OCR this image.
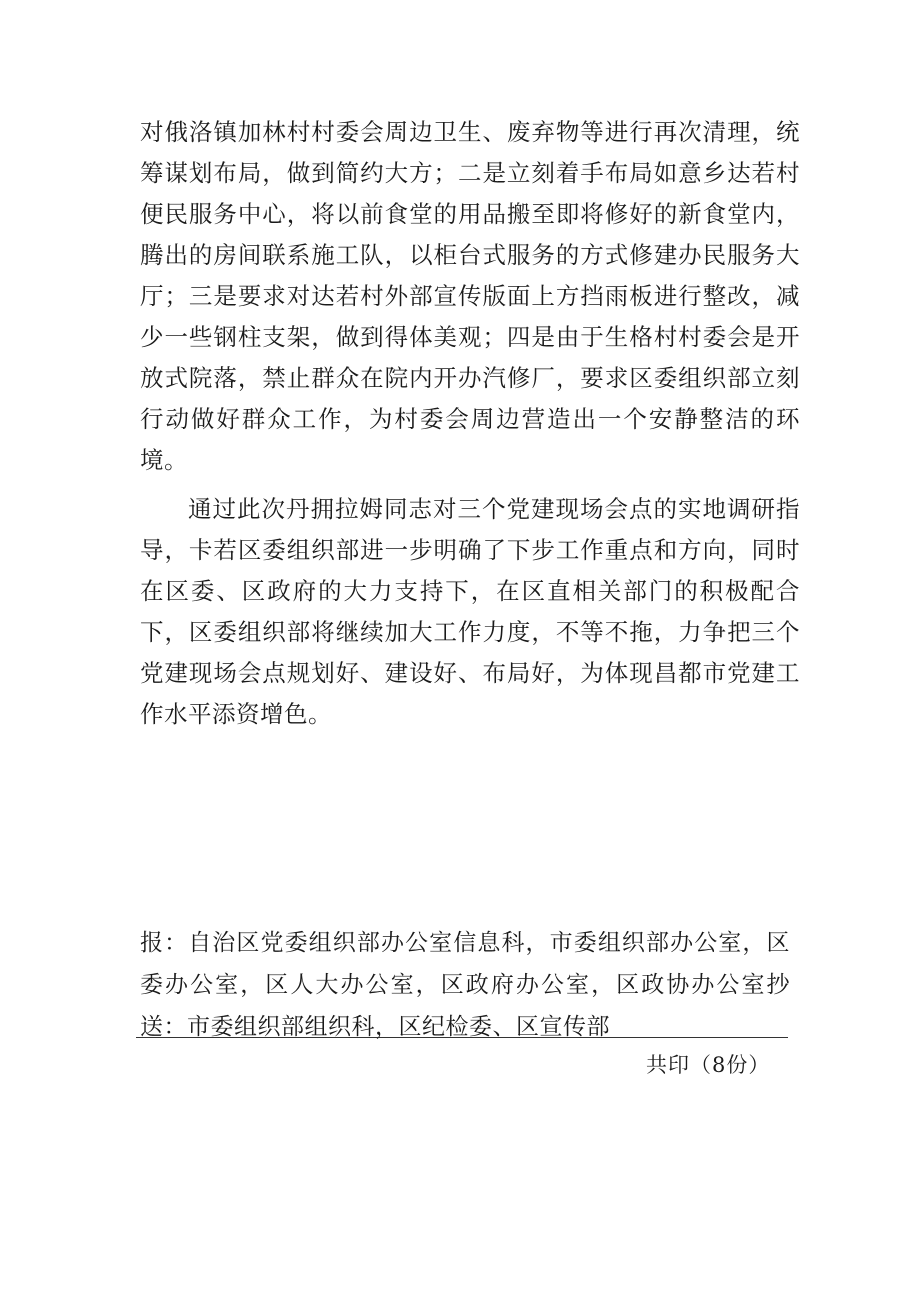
对俄洛镇加林村村委会周边卫生、废弃物等进行再次清理，统筹谋划布局，做到简约大方；二是立刻着手布局如意乡达若村便民服务中心，将以前食堂的用品搬至即将修好的新食堂内，腾出的房间联系施工队，以柜台式服务的方式修建办民服务大厅；三是要求对达若村外部宣传版面上方挡雨板进行整改，减少一些钢柱支架，做到得体美观；四是由于生格村村委会是开放式院落，禁止群众在院内开办汽修厂，要求区委组织部立刻行动做好群众工作，为村委会周边营造出一个安静整洁的环境。

通过此次丹拥拉姆同志对三个党建现场会点的实地调研指导，卡若区委组织部进一步明确了下步工作重点和方向，同时在区委、区政府的大力支持下，在区直相关部门的积极配合下，区委组织部将继续加大工作力度，不等不拖，力争把三个党建现场会点规划好、建设好、布局好，为体现昌都市党建工作水平添资增色。

报：自治区党委组织部办公室信息科，市委组织部办公室，区委办公室，区人大办公室，区政府办公室，区政协办公室抄送：市委组织部组织科，区纪检委、区宣传部

共印（8份）
